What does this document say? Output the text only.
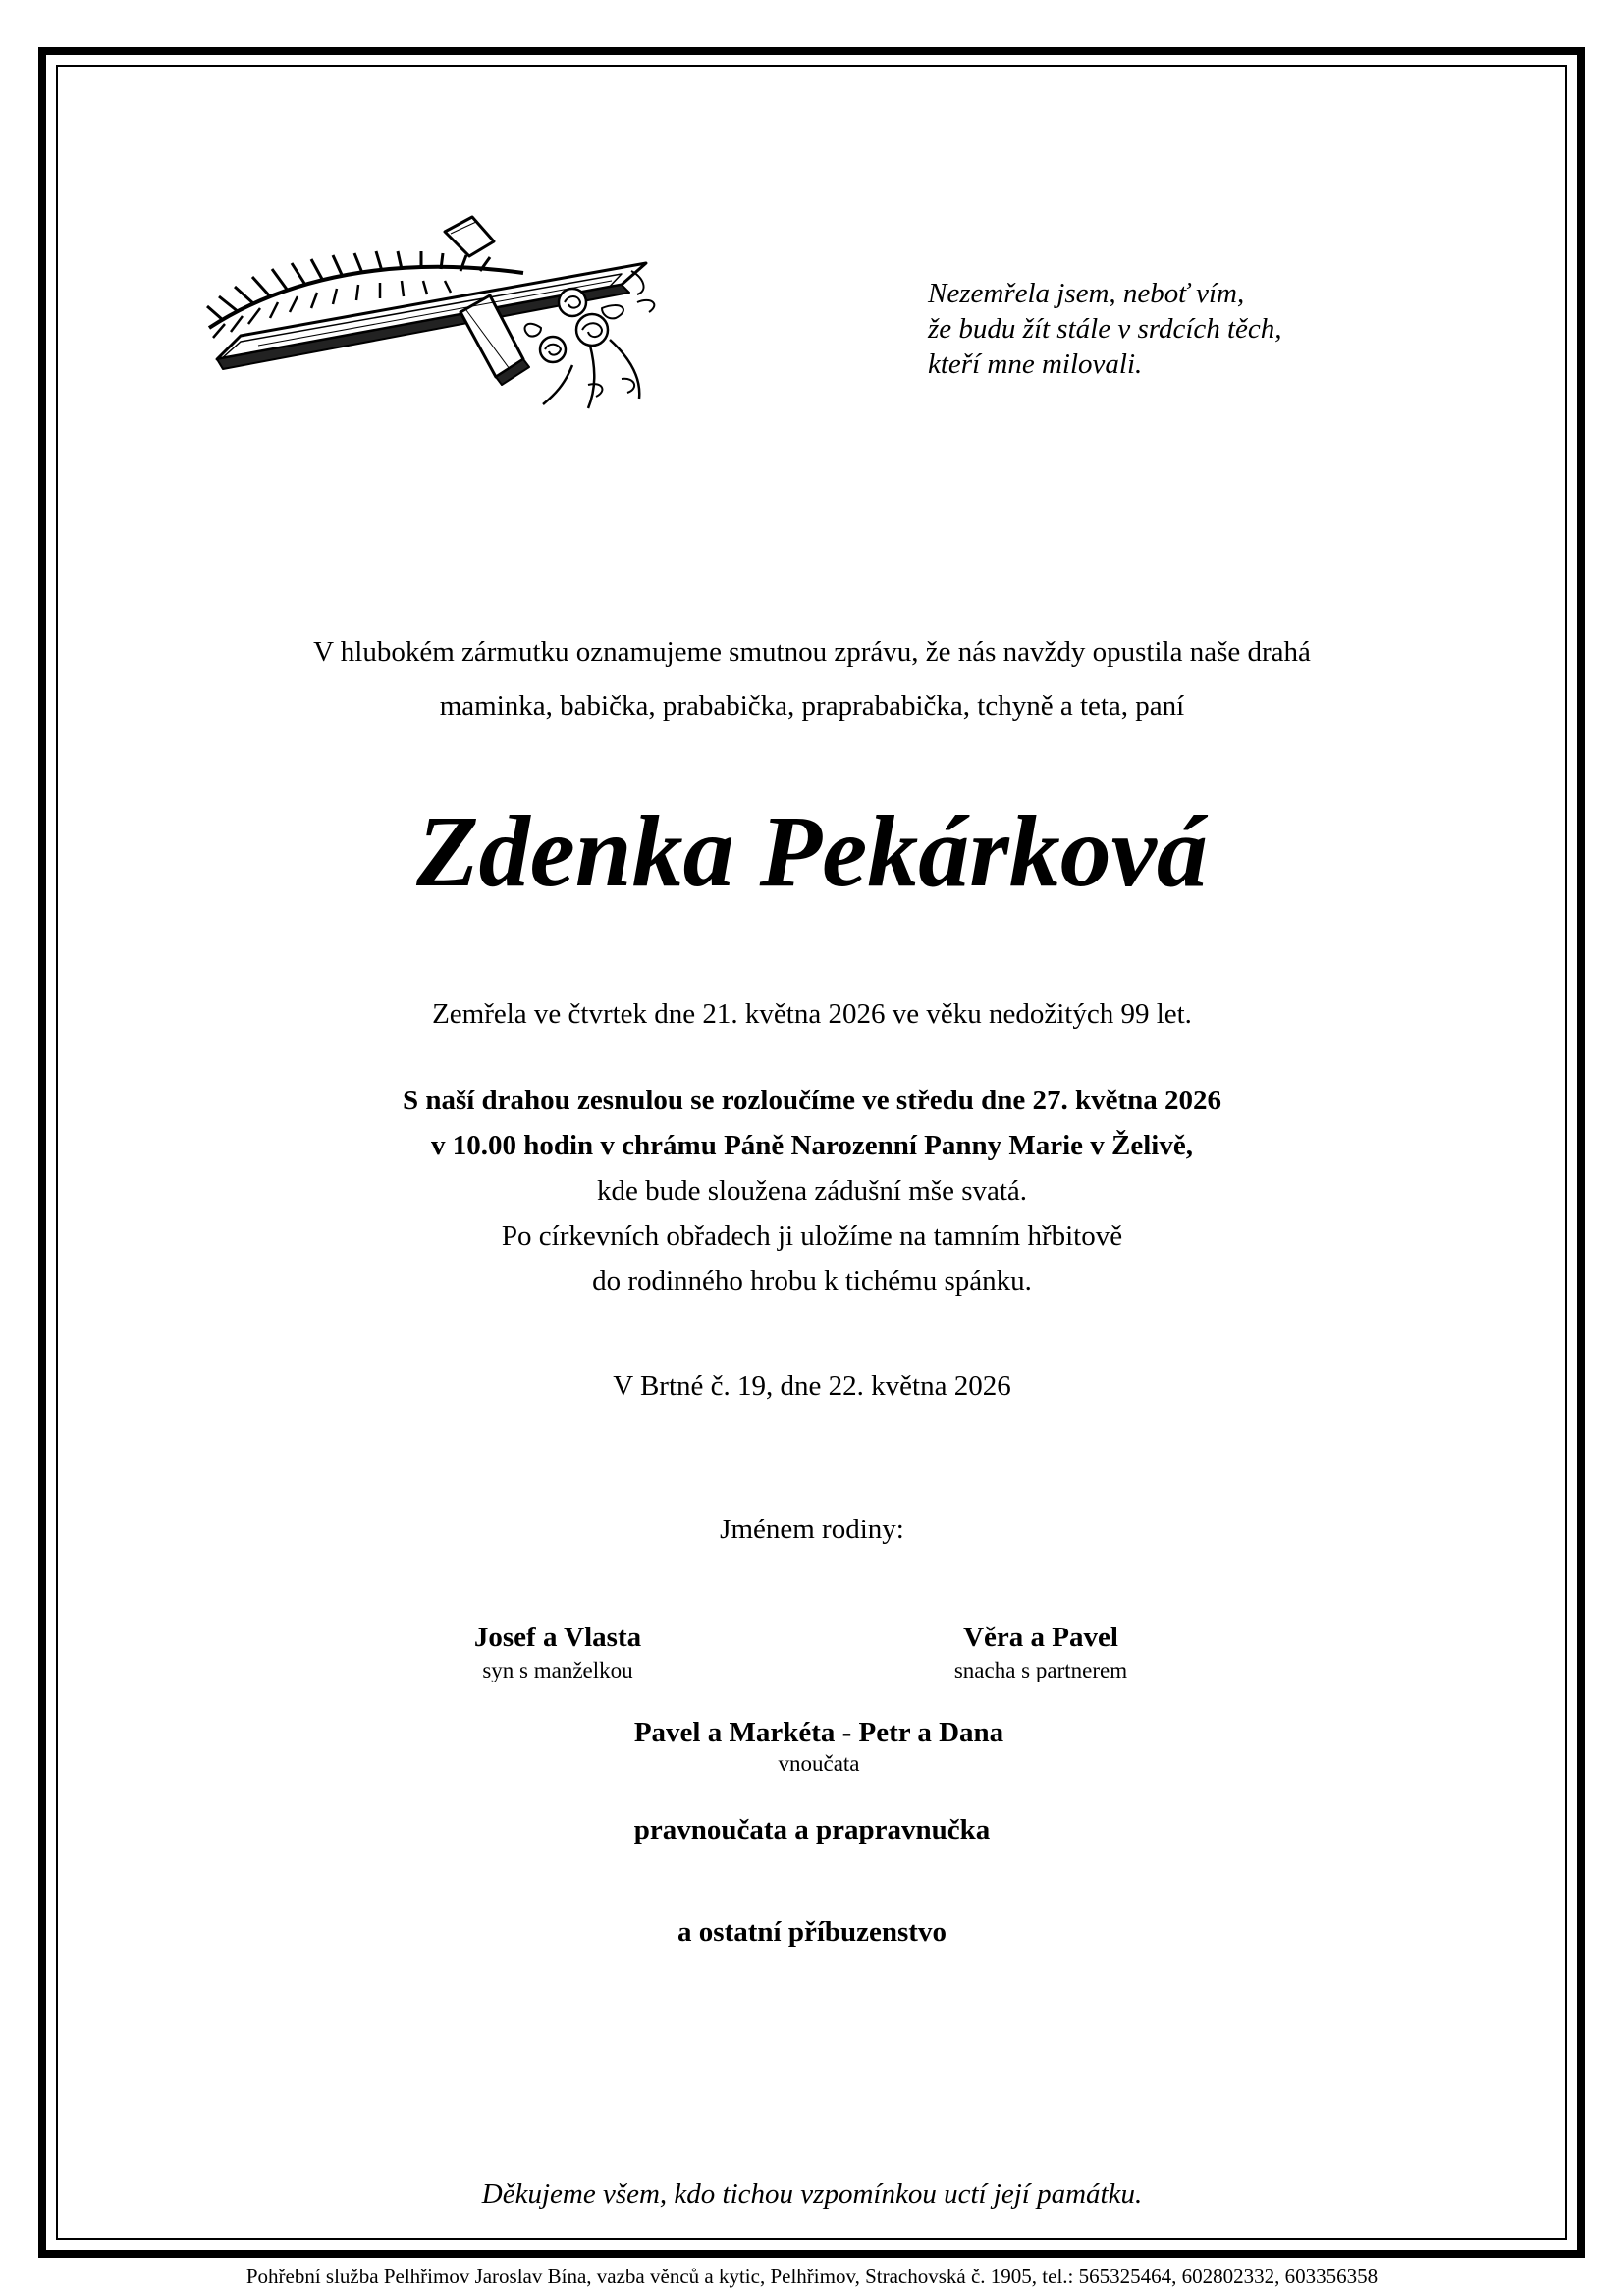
Nezemřela jsem, neboť vím,
že budu žít stále v srdcích těch,
kteří mne milovali.
V hlubokém zármutku oznamujeme smutnou zprávu, že nás navždy opustila naše drahá
maminka, babička, prababička, praprababička, tchyně a teta, paní
Zdenka Pekárková
Zemřela ve čtvrtek dne 21. května 2026 ve věku nedožitých 99 let.
S naší drahou zesnulou se rozloučíme ve středu dne 27. května 2026
v 10.00 hodin v chrámu Páně Narozenní Panny Marie v Želivě,
kde bude sloužena zádušní mše svatá.
Po církevních obřadech ji uložíme na tamním hřbitově
do rodinného hrobu k tichému spánku.
V Brtné č. 19, dne 22. května 2026
Jménem rodiny:
Josef a Vlasta
syn s manželkou
Věra a Pavel
snacha s partnerem
Pavel a Markéta - Petr a Dana
vnoučata
pravnoučata a prapravnučka
a ostatní příbuzenstvo
Děkujeme všem, kdo tichou vzpomínkou uctí její památku.
Pohřební služba Pelhřimov Jaroslav Bína, vazba věnců a kytic, Pelhřimov, Strachovská č. 1905, tel.: 565325464, 602802332, 603356358
